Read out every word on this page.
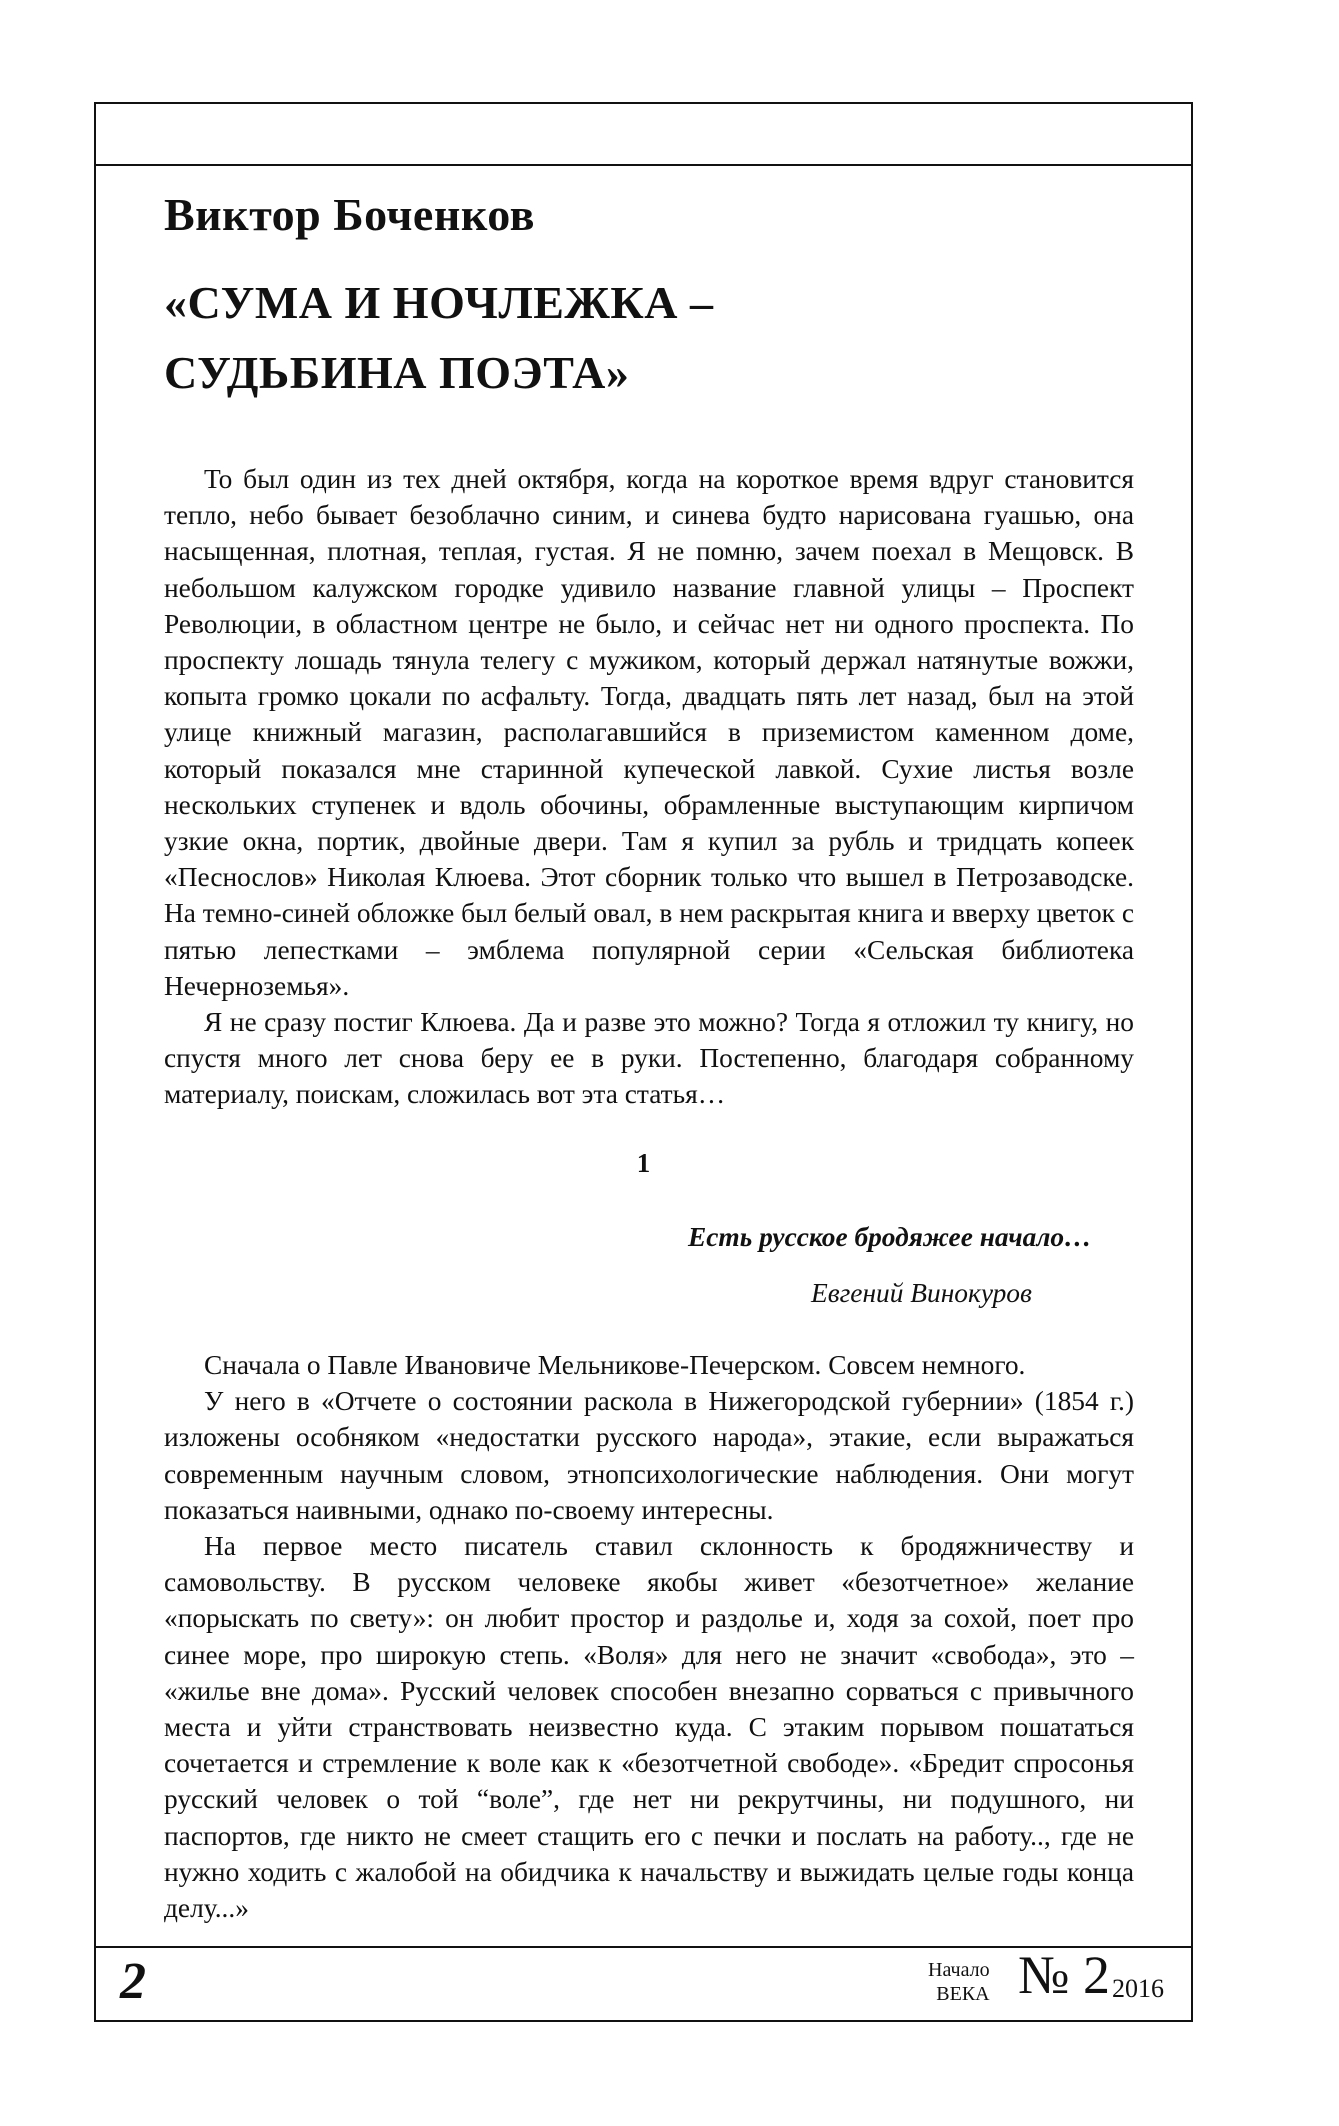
Виктор Боченков
«СУМА И НОЧЛЕЖКА –
СУДЬБИНА ПОЭТА»

То был один из тех дней октября, когда на короткое время вдруг становится тепло, небо бывает безоблачно синим, и синева будто нарисована гуашью, она насыщенная, плотная, теплая, густая. Я не помню, зачем поехал в Мещовск. В небольшом калужском городке удивило название главной улицы – Проспект Революции, в областном центре не было, и сейчас нет ни одного проспекта. По проспекту лошадь тянула телегу с мужиком, который держал натянутые вожжи, копыта громко цокали по асфальту. Тогда, двадцать пять лет назад, был на этой улице книжный магазин, располагавшийся в приземистом каменном доме, который показался мне старинной купеческой лавкой. Сухие листья возле нескольких ступенек и вдоль обочины, обрамленные выступающим кирпичом узкие окна, портик, двойные двери. Там я купил за рубль и тридцать копеек «Песнослов» Николая Клюева. Этот сборник только что вышел в Петрозаводске. На темно-синей обложке был белый овал, в нем раскрытая книга и вверху цветок с пятью лепестками – эмблема популярной серии «Сельская библиотека Нечерноземья».

Я не сразу постиг Клюева. Да и разве это можно? Тогда я отложил ту книгу, но спустя много лет снова беру ее в руки. Постепенно, благодаря собранному материалу, поискам, сложилась вот эта статья…

1
Есть русское бродяжее начало…
Евгений Винокуров

Сначала о Павле Ивановиче Мельникове-Печерском. Совсем немного.

У него в «Отчете о состоянии раскола в Нижегородской губернии» (1854 г.) изложены особняком «недостатки русского народа», этакие, если выражаться современным научным словом, этнопсихологические наблюдения. Они могут показаться наивными, однако по-своему интересны.

На первое место писатель ставил склонность к бродяжничеству и самовольству. В русском человеке якобы живет «безотчетное» желание «порыскать по свету»: он любит простор и раздолье и, ходя за сохой, поет про синее море, про широкую степь. «Воля» для него не значит «свобода», это – «жилье вне дома». Русский человек способен внезапно сорваться с привычного места и уйти странствовать неизвестно куда. С этаким порывом пошататься сочетается и стремление к воле как к «безотчетной свободе». «Бредит спросонья русский человек о той “воле”, где нет ни рекрутчины, ни подушного, ни паспортов, где никто не смеет стащить его с печки и послать на работу.., где не нужно ходить с жалобой на обидчика к начальству и выжидать целые годы конца делу...»

2	Начало
ВЕКА № 2 2016
